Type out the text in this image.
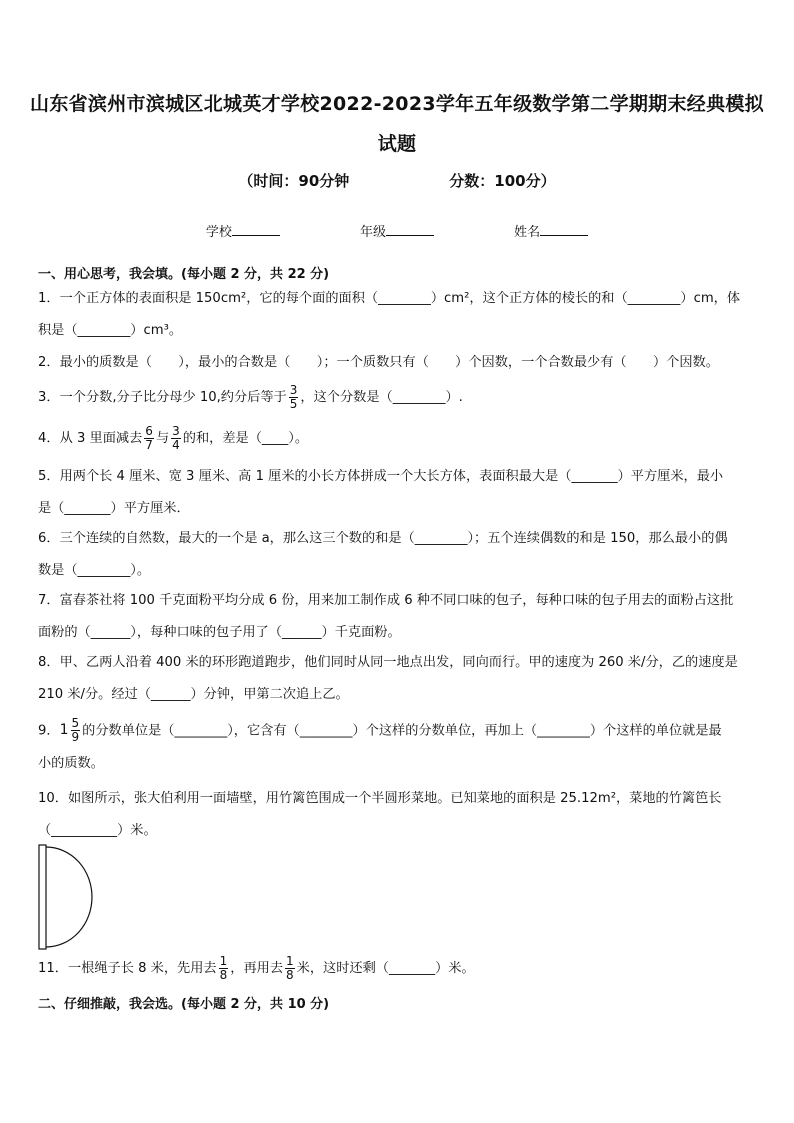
山东省滨州市滨城区北城英才学校2022-2023学年五年级数学第二学期期末经典模拟
试题
（时间：90分钟	分数：100分）
学校	年级	姓名
一、用心思考，我会填。(每小题 2 分，共 22 分)
1．一个正方体的表面积是 150cm²，它的每个面的面积（________）cm²，这个正方体的棱长的和（________）cm，体
积是（________）cm³。
2．最小的质数是（　　），最小的合数是（　　）；一个质数只有（　　）个因数，一个合数最少有（　　）个因数。
3．一个分数,分子比分母少 10,约分后等于 $\frac{3}{5}$ ，这个分数是（________）.
4．从 3 里面减去 $\frac{6}{7}$ 与 $\frac{3}{4}$ 的和，差是（____）。
5．用两个长 4 厘米、宽 3 厘米、高 1 厘米的小长方体拼成一个大长方体，表面积最大是（_______）平方厘米，最小
是（_______）平方厘米．
6．三个连续的自然数，最大的一个是 a，那么这三个数的和是（________）；五个连续偶数的和是 150，那么最小的偶
数是（________）。
7．富春茶社将 100 千克面粉平均分成 6 份，用来加工制作成 6 种不同口味的包子，每种口味的包子用去的面粉占这批
面粉的（______），每种口味的包子用了（______）千克面粉。
8．甲、乙两人沿着 400 米的环形跑道跑步，他们同时从同一地点出发，同向而行。甲的速度为 260 米/分，乙的速度是
210 米/分。经过（______）分钟，甲第二次追上乙。
9．$1 \frac{5}{9}$ 的分数单位是（________），它含有（________）个这样的分数单位，再加上（________）个这样的单位就是最
小的质数。
10．如图所示，张大伯利用一面墙壁，用竹篱笆围成一个半圆形菜地。已知菜地的面积是 25.12m²，菜地的竹篱笆长
（__________）米。
11．一根绳子长 8 米，先用去 $\frac{1}{8}$ ，再用去 $\frac{1}{8}$ 米，这时还剩（_______）米。
二、仔细推敲，我会选。(每小题 2 分，共 10 分)
